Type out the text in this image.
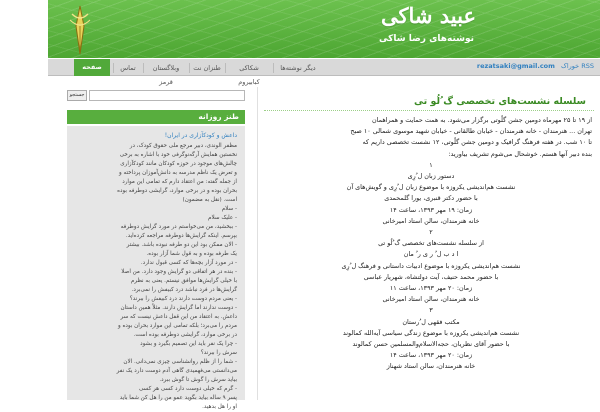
عبید شاکی
نوشته‌های رضا شاکی
صفحه اصلی
تماس	وبلاگستان قرمز
طنزان نت	شکاکی کبابیروم
دیگر نوشته‌ها	RSS خوراک rezatsaki@gmail.com
جستجو
طنز روزانه
داعش و کودکآزاری در ایران!

مظفر الوندی، دبیر مرجع ملی حقوق کودک، در
نخستین همایش آرگه‌نوگرفی خود با اشاره به برخی
چالش‌های موجود در حوزه کودکان مانند کودکآزاری
و تعرض یک ناظم مدرسه به دانش‌آموزان پرداخته و
از جمله گفته: من اعتقاد دارم که تمامی این موارد
بحران بوده و در برخی موارد، گرایشی دوطرفه بوده
است. (نقل به مضمون)
- سلام
- علیک سلام
- ببخشید، من می‌خواستم در مورد گرایش دوطرفه
بپرسم. اینکه گرایش‌ها دوطرفه مراجعه کرده‌اید.
- الان ممکن بود این دو طرفه نبوده باشد. بیشتر
یک طرفه بوده و به قول شما آزار بوده.
- در مورد آزار بچه‌ها که کسی قبول ندارد.
- بنده در هر اتفاقی دو گرایش وجود دارد. من اصلا
با خیلی گرایش‌ها موافق نیستم. یعنی به نظرم
گرایش‌ها در فرد نباشد درد کبیفش را نمی‌برد.
- یعنی مردم دوست دارند درد کبیفش را ببرند؟
- دوست ندارند اما گرایش دارند. مثلاً همین داستان
داعش. به اعتقاد من این قفل داعش نیست که سر
مردم را می‌برد؛ بلکه تمامی این موارد بحران بوده و
در برخی موارد، گرایشی دوطرفه بوده است.
- چرا یک نفر باید این تصمیم بگیرد و بشود
سرش را ببرند؟
- شما را از ظلم روانشناسی چیزی نمی‌دانی. الان
می‌دانستی می‌فهمیدی گاهی آدم دوست دارد یک نفر
بیاید سرش را گوش تا گوش ببرد.
- گرم که خیلی دوست دارد کسی هر کسی
پسر ۹ ساله بیاید بگوید عمو من را هل کن شما باید
او را هل بدهید.

سلسله نشست‌های تخصصی گ ُلُو تی
از ۱۹ تا ۲۵ مهرماه دومین جشن گلُوتی برگزار می‌شود. به همت حمایت و همراهمان
تهران ... هنرمندان - خانه هنرمندان - خیابان طالقانی - خیابان شهید موسوی شمالی ۱۰ صبح
تا ۱۰ شب. در هفته فرهنگ گرافیک و دومین جشن گلُوتی، ۱۲ نشست تخصصی داریم که
بنده دبیر آنها هستم. خوشحال می‌شوم تشریف بیاورید:
۱
دستور زبان ل ُرِی
نشست هم‌اندیشی یکروزه با موضوع زبان ل ُرِی و گویش‌های آن
با حضور دکتر قنبری، یورا گلمحمدی
زمان: ۱۹ مهر ۱۳۹۳، ساعت ۱۴
خانه هنرمندان، سالن استاد امیرخانی
۲
از سلسله نشست‌های تخصصی گ ُلُو تی
ا د ب ل ُ ر ی ر ُ مان
نشست هم‌اندیشی یکروزه با موضوع ادبیات داستانی و فرهنگ ل ُرِی
با حضور محمد حنیف، آیت دولتشاه، شهریار عباسی
زمان: ۲۰ مهر ۱۳۹۳، ساعت ۱۱
خانه هنرمندان، سالن استاد امیرخانی
۳
مکتب فقهی ل ُرستان
نشست هم‌اندیشی یکروزه با موضوع زندگی سیاسی آیه‌الله کمالوند
با حضور آقای نظریان، حجه‌الاسلام‌والمسلمین حسن کمالوند
زمان: ۲۰ مهر ۱۳۹۳، ساعت ۱۴
خانه هنرمندان، سالن استاد شهناز
